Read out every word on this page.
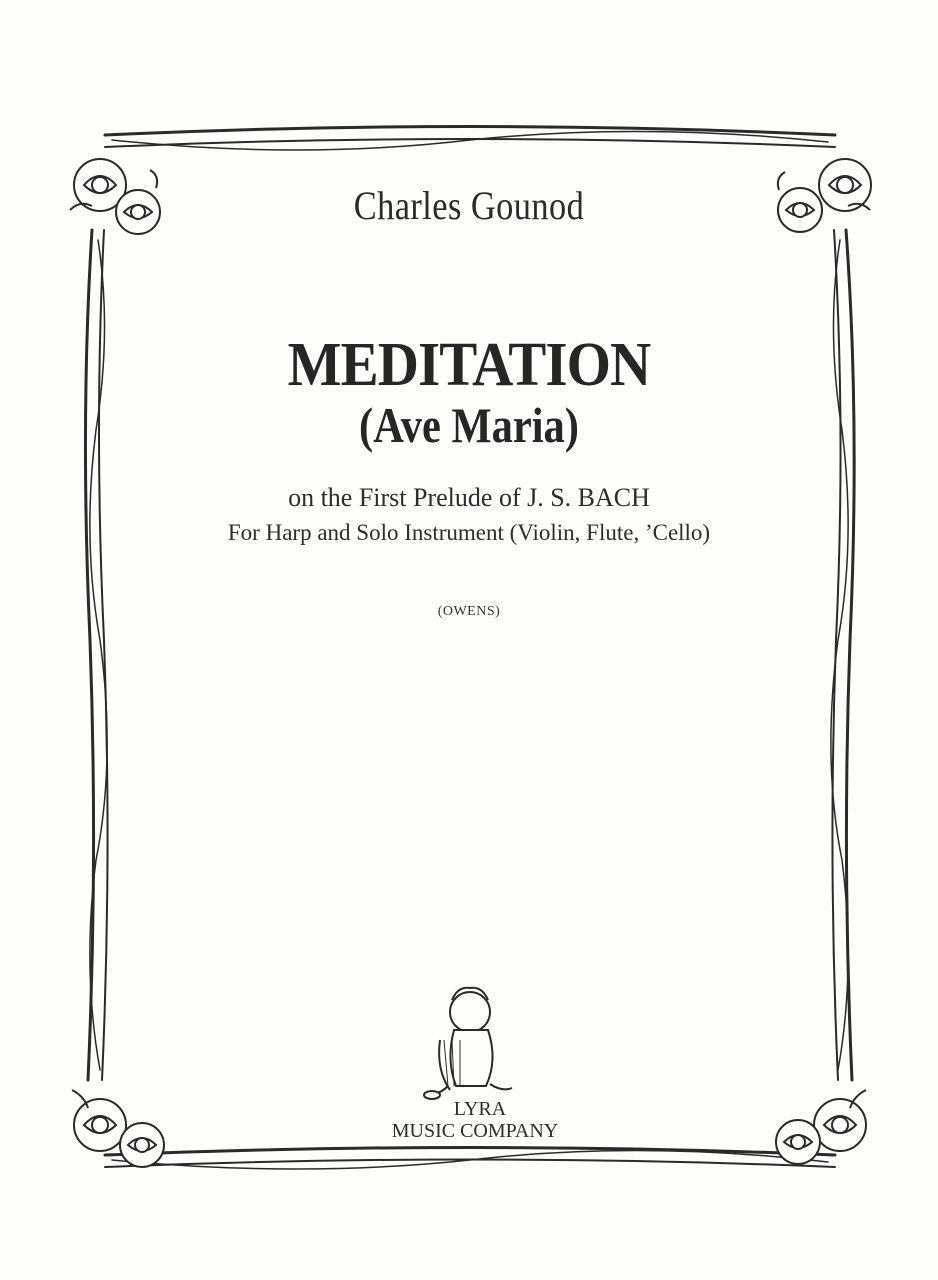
Charles Gounod
MEDITATION
(Ave Maria)
on the First Prelude of J. S. BACH
For Harp and Solo Instrument (Violin, Flute, ’Cello)
(OWENS)
LYRA
MUSIC COMPANY
